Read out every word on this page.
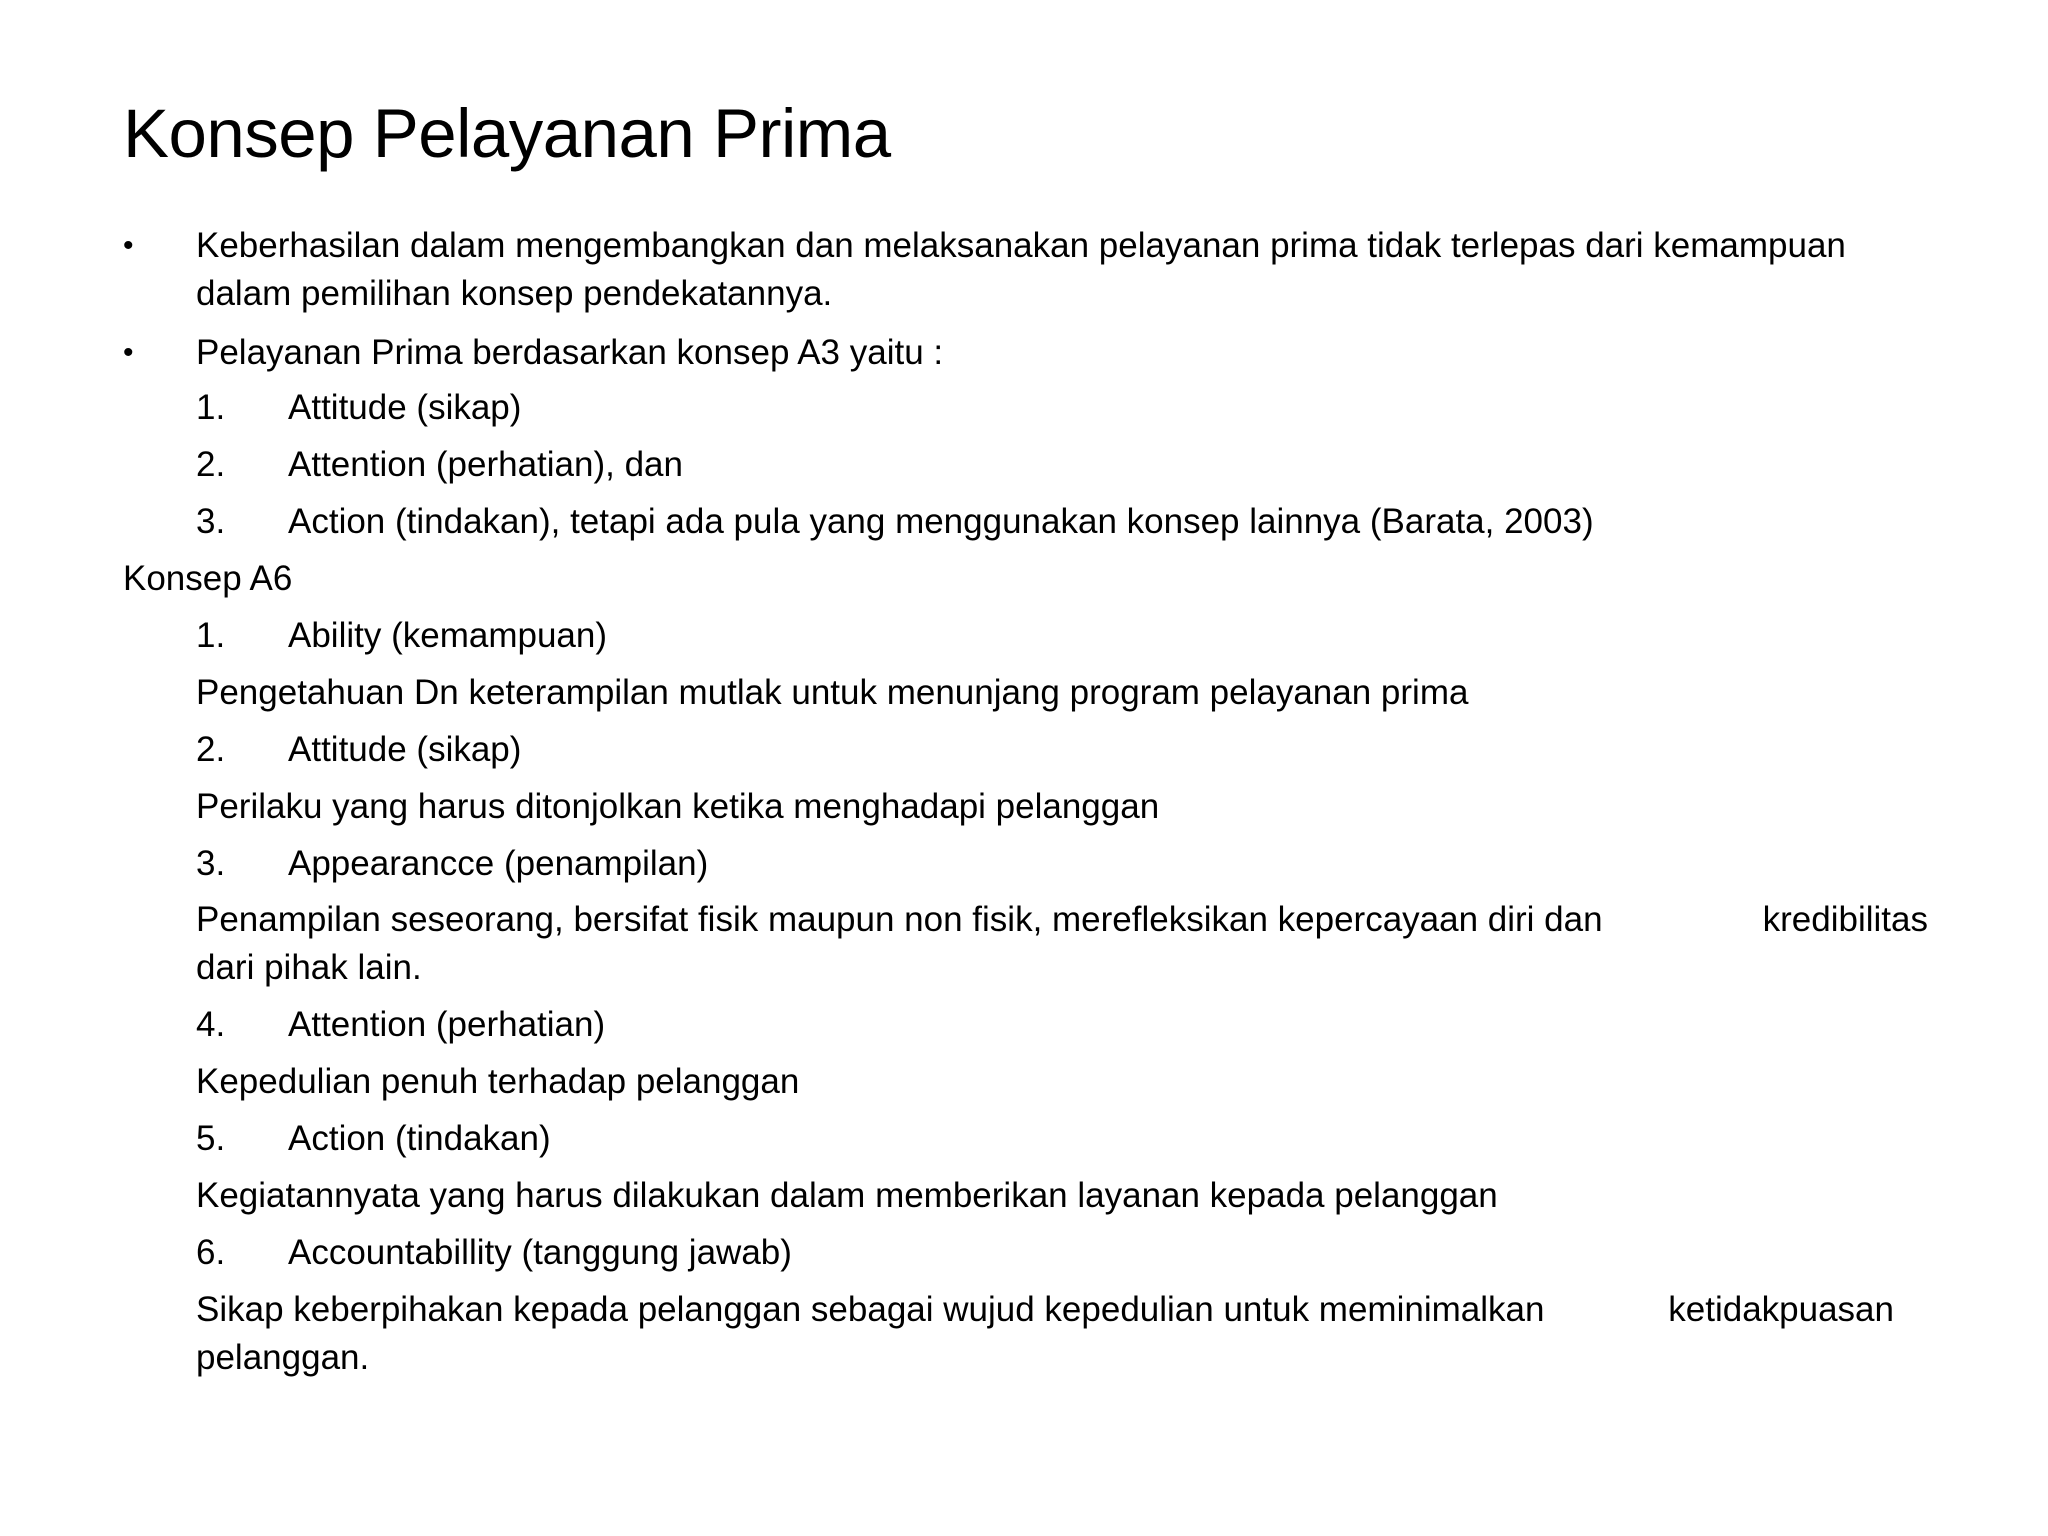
Konsep Pelayanan Prima
• Keberhasilan dalam mengembangkan dan melaksanakan pelayanan prima tidak terlepas dari kemampuan
dalam pemilihan konsep pendekatannya.
• Pelayanan Prima berdasarkan konsep A3 yaitu :
1. Attitude (sikap)
2. Attention (perhatian), dan
3. Action (tindakan), tetapi ada pula yang menggunakan konsep lainnya (Barata, 2003)
Konsep A6
1. Ability (kemampuan)
Pengetahuan Dn keterampilan mutlak untuk menunjang program pelayanan prima
2. Attitude (sikap)
Perilaku yang harus ditonjolkan ketika menghadapi pelanggan
3. Appearancce (penampilan)
Penampilan seseorang, bersifat fisik maupun non fisik, merefleksikan kepercayaan diri dan	kredibilitas
dari pihak lain.
4. Attention (perhatian)
Kepedulian penuh terhadap pelanggan
5. Action (tindakan)
Kegiatannyata yang harus dilakukan dalam memberikan layanan kepada pelanggan
6. Accountabillity (tanggung jawab)
Sikap keberpihakan kepada pelanggan sebagai wujud kepedulian untuk meminimalkan	ketidakpuasan
pelanggan.
